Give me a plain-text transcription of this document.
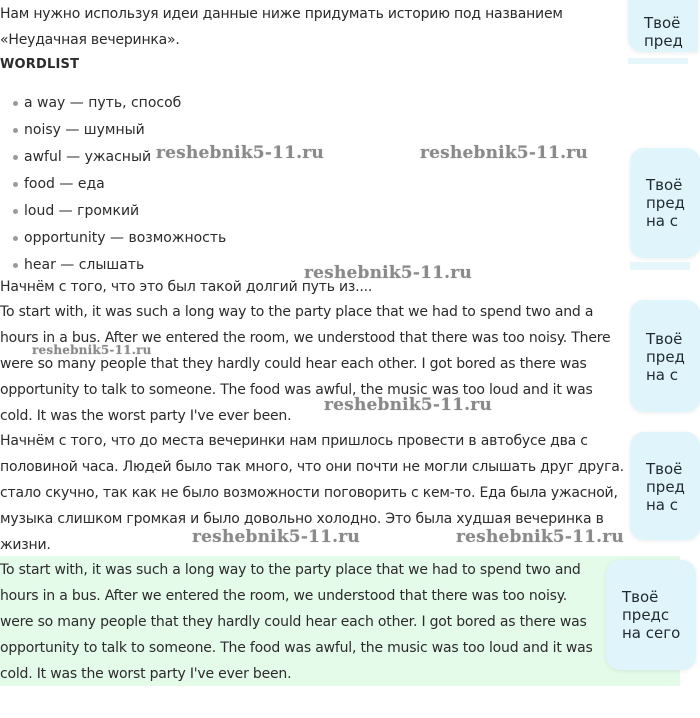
Нам нужно используя идеи данные ниже придумать историю под названием
«Неудачная вечеринка».
WORDLIST
a way — путь, способ
noisy — шумный
awful — ужасный
food — еда
loud — громкий
opportunity — возможность
hear — слышать
Начнём с того, что это был такой долгий путь из....
To start with, it was such a long way to the party place that we had to spend two and a
hours in a bus. After we entered the room, we understood that there was too noisy. There
were so many people that they hardly could hear each other. I got bored as there was
opportunity to talk to someone. The food was awful, the music was too loud and it was
cold. It was the worst party I've ever been.
Начнём с того, что до места вечеринки нам пришлось провести в автобусе два с
половиной часа. Людей было так много, что они почти не могли слышать друг друга.
стало скучно, так как не было возможности поговорить с кем-то. Еда была ужасной,
музыка слишком громкая и было довольно холодно. Это была худшая вечеринка в
жизни.
To start with, it was such a long way to the party place that we had to spend two and
hours in a bus. After we entered the room, we understood that there was too noisy.
were so many people that they hardly could hear each other. I got bored as there was
opportunity to talk to someone. The food was awful, the music was too loud and it was
cold. It was the worst party I've ever been.
reshebnik5-11.ru	reshebnik5-11.ru
reshebnik5-11.ru
reshebnik5-11.ru
reshebnik5-11.ru
reshebnik5-11.ru	reshebnik5-11.ru
Твоё
пред
Твоё
пред
на с
Твоё
пред
на с
Твоё
пред
на с
Твоё
предс
на сего
